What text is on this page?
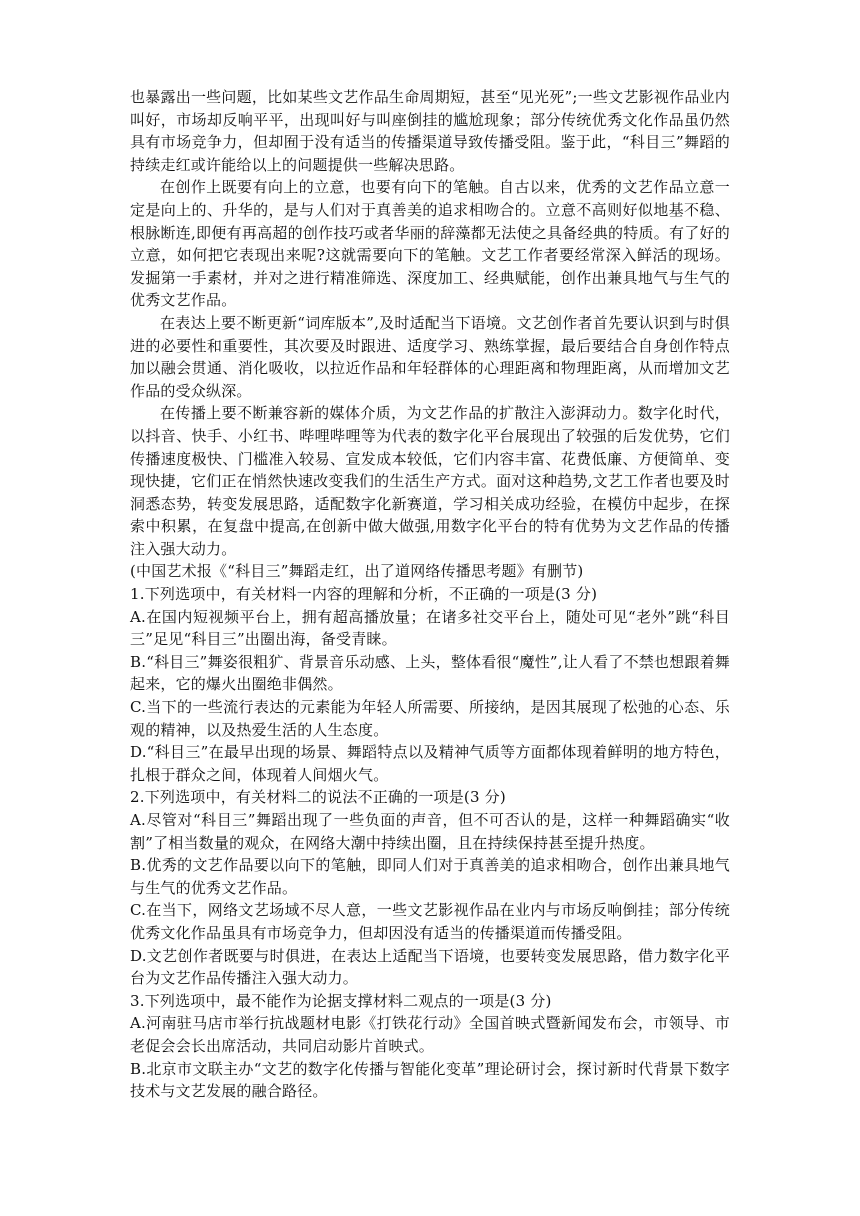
也暴露出一些问题，比如某些文艺作品生命周期短，甚至“见光死”;一些文艺影视作品业内叫好，市场却反响平平，出现叫好与叫座倒挂的尴尬现象；部分传统优秀文化作品虽仍然具有市场竞争力，但却囿于没有适当的传播渠道导致传播受阻。鉴于此，“科目三”舞蹈的持续走红或许能给以上的问题提供一些解决思路。

在创作上既要有向上的立意，也要有向下的笔触。自古以来，优秀的文艺作品立意一定是向上的、升华的，是与人们对于真善美的追求相吻合的。立意不高则好似地基不稳、根脉断连,即便有再高超的创作技巧或者华丽的辞藻都无法使之具备经典的特质。有了好的立意，如何把它表现出来呢?这就需要向下的笔触。文艺工作者要经常深入鲜活的现场。发掘第一手素材，并对之进行精准筛选、深度加工、经典赋能，创作出兼具地气与生气的优秀文艺作品。

在表达上要不断更新“词库版本”,及时适配当下语境。文艺创作者首先要认识到与时俱进的必要性和重要性，其次要及时跟进、适度学习、熟练掌握，最后要结合自身创作特点加以融会贯通、消化吸收，以拉近作品和年轻群体的心理距离和物理距离，从而增加文艺作品的受众纵深。

在传播上要不断兼容新的媒体介质，为文艺作品的扩散注入澎湃动力。数字化时代，以抖音、快手、小红书、哔哩哔哩等为代表的数字化平台展现出了较强的后发优势，它们传播速度极快、门槛准入较易、宣发成本较低，它们内容丰富、花费低廉、方便简单、变现快捷，它们正在悄然快速改变我们的生活生产方式。面对这种趋势,文艺工作者也要及时洞悉态势，转变发展思路，适配数字化新赛道，学习相关成功经验，在模仿中起步，在探索中积累，在复盘中提高,在创新中做大做强,用数字化平台的特有优势为文艺作品的传播注入强大动力。

(中国艺术报《“科目三”舞蹈走红，出了道网络传播思考题》有删节)

1.下列选项中，有关材料一内容的理解和分析，不正确的一项是(3 分)

A.在国内短视频平台上，拥有超高播放量；在诸多社交平台上，随处可见“老外”跳“科目三”足见“科目三”出圈出海，备受青睐。

B.“科目三”舞姿很粗犷、背景音乐动感、上头，整体看很“魔性”,让人看了不禁也想跟着舞起来，它的爆火出圈绝非偶然。

C.当下的一些流行表达的元素能为年轻人所需要、所接纳，是因其展现了松弛的心态、乐观的精神，以及热爱生活的人生态度。

D.“科目三”在最早出现的场景、舞蹈特点以及精神气质等方面都体现着鲜明的地方特色，扎根于群众之间，体现着人间烟火气。

2.下列选项中，有关材料二的说法不正确的一项是(3 分)

A.尽管对“科目三”舞蹈出现了一些负面的声音，但不可否认的是，这样一种舞蹈确实“收割”了相当数量的观众，在网络大潮中持续出圈，且在持续保持甚至提升热度。

B.优秀的文艺作品要以向下的笔触，即同人们对于真善美的追求相吻合，创作出兼具地气与生气的优秀文艺作品。

C.在当下，网络文艺场域不尽人意，一些文艺影视作品在业内与市场反响倒挂；部分传统优秀文化作品虽具有市场竞争力，但却因没有适当的传播渠道而传播受阻。

D.文艺创作者既要与时俱进，在表达上适配当下语境，也要转变发展思路，借力数字化平台为文艺作品传播注入强大动力。

3.下列选项中，最不能作为论据支撑材料二观点的一项是(3 分)

A.河南驻马店市举行抗战题材电影《打铁花行动》全国首映式暨新闻发布会，市领导、市老促会会长出席活动，共同启动影片首映式。

B.北京市文联主办“文艺的数字化传播与智能化变革”理论研讨会，探讨新时代背景下数字技术与文艺发展的融合路径。
